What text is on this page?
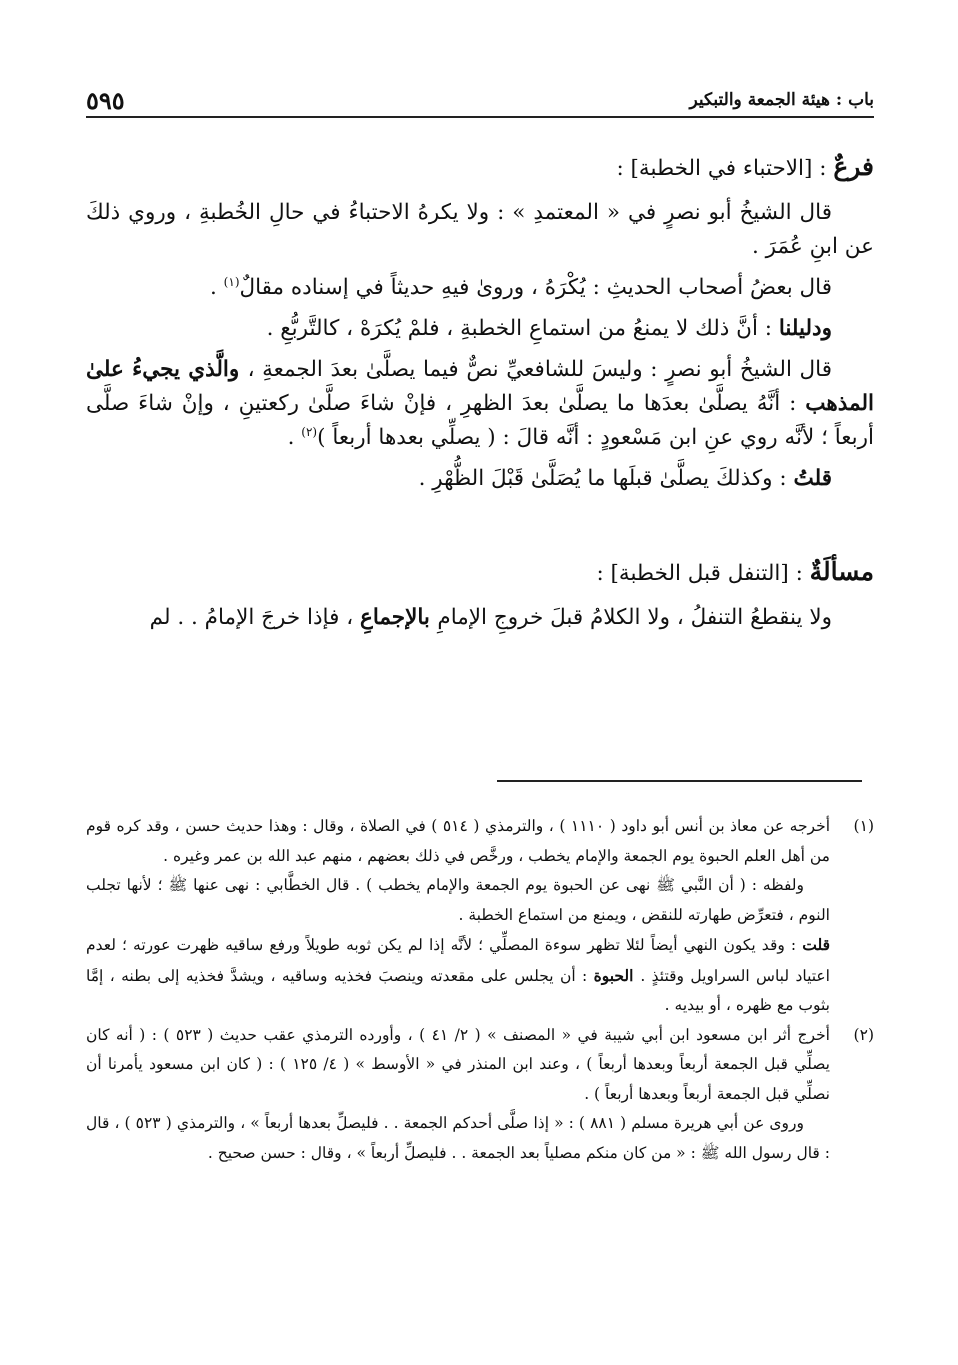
٥٩٥	باب : هيئة الجمعة والتبكير

فرعٌ : [الاحتباء في الخطبة] :

قال الشيخُ أبو نصرٍ في « المعتمدِ » : ولا يكرهُ الاحتباءُ في حالِ الخُطبةِ ، وروي ذلكَ عن ابنِ عُمَرَ .

قال بعضُ أصحاب الحديثِ : يُكْرَهُ ، وروىٰ فيهِ حديثاً في إسناده مقالٌ$^{(١)}$ .

ودليلنا : أنَّ ذلك لا يمنعُ من استماعِ الخطبةِ ، فلمْ يُكرَهْ ، كالتَّربُّعِ .

قال الشيخُ أبو نصرٍ : وليسَ للشافعيِّ نصٌّ فيما يصلَّىٰ بعدَ الجمعةِ ، والَّذي يجيءُ علىٰ المذهب : أنَّهُ يصلَّىٰ بعدَها ما يصلَّىٰ بعدَ الظهرِ ، فإنْ شاءَ صلَّىٰ ركعتينِ ، وإنْ شاءَ صلَّى أربعاً ؛ لأنَّه روي عنِ ابن مَسْعودٍ : أنَّه قالَ : ( يصلِّي بعدها أربعاً )$^{(٢)}$ .

قلتُ : وكذلكَ يصلَّىٰ قبلَها ما يُصَلَّىٰ قَبْلَ الظُّهْرِ .

مسألَةٌ : [التنفل قبل الخطبة] :

ولا ينقطعُ التنفلُ ، ولا الكلامُ قبلَ خروجِ الإمامِ بالإجماعِ ، فإذا خرجَ الإمامُ . . لم

(١)

أخرجه عن معاذ بن أنس أبو داود ( ١١١٠ ) ، والترمذي ( ٥١٤ ) في الصلاة ، وقال : وهذا حديث حسن ، وقد كره قوم من أهل العلم الحبوة يوم الجمعة والإمام يخطب ، ورخَّص في ذلك بعضهم ، منهم عبد الله بن عمر وغيره .

ولفظه : ( أن النَّبي ﷺ نهى عن الحبوة يوم الجمعة والإمام يخطب ) . قال الخطَّابي : نهى عنها ﷺ ؛ لأنها تجلب النوم ، فتعرِّض طهارته للنقض ، ويمنع من استماع الخطبة .

قلت : وقد يكون النهي أيضاً لئلا تظهر سوءة المصلِّي ؛ لأنَّه إذا لم يكن ثوبه طويلاً ورفع ساقيه ظهرت عورته ؛ لعدم اعتياد لباس السراويل وقتئذٍ . الحبوة : أن يجلس على مقعدته وينصبَ فخذيه وساقيه ، ويشدَّ فخذيه إلى بطنه ، إمَّا بثوب مع ظهره ، أو بيديه .

(٢)

أخرج أثر ابن مسعود ابن أبي شيبة في « المصنف » ( ٢/ ٤١ ) ، وأورده الترمذي عقب حديث ( ٥٢٣ ) : ( أنه كان يصلِّي قبل الجمعة أربعاً وبعدها أربعاً ) ، وعند ابن المنذر في « الأوسط » ( ٤/ ١٢٥ ) : ( كان ابن مسعود يأمرنا أن نصلِّي قبل الجمعة أربعاً وبعدها أربعاً ) .

وروى عن أبي هريرة مسلم ( ٨٨١ ) : « إذا صلَّى أحدكم الجمعة . . فليصلِّ بعدها أربعاً » ، والترمذي ( ٥٢٣ ) ، قال : قال رسول الله ﷺ : « من كان منكم مصلياً بعد الجمعة . . فليصلِّ أربعاً » ، وقال : حسن صحيح .
